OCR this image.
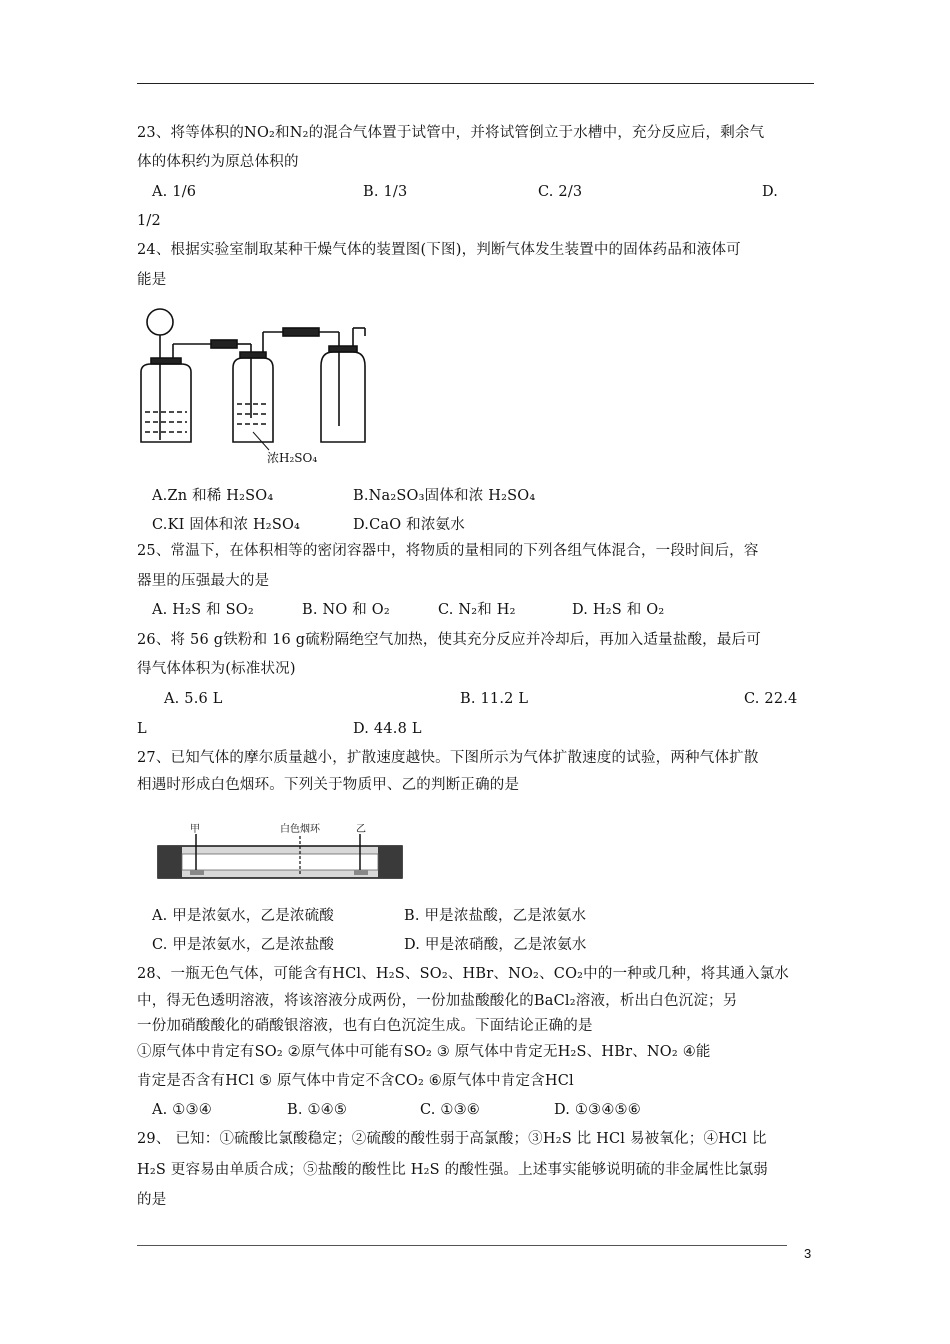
23、将等体积的NO₂和N₂的混合气体置于试管中，并将试管倒立于水槽中，充分反应后，剩余气
体的体积约为原总体积的
A. 1/6	B. 1/3	C. 2/3	D.
1/2
24、根据实验室制取某种干燥气体的装置图(下图)，判断气体发生装置中的固体药品和液体可
能是
浓H₂SO₄
A.Zn 和稀 H₂SO₄	B.Na₂SO₃固体和浓 H₂SO₄
C.KI 固体和浓 H₂SO₄	D.CaO 和浓氨水
25、常温下，在体积相等的密闭容器中，将物质的量相同的下列各组气体混合，一段时间后，容
器里的压强最大的是
A. H₂S 和 SO₂	B. NO 和 O₂	C. N₂和 H₂	D. H₂S 和 O₂
26、将 56 g铁粉和 16 g硫粉隔绝空气加热，使其充分反应并冷却后，再加入适量盐酸，最后可
得气体体积为(标准状况)
A. 5.6 L	B. 11.2 L	C. 22.4
L	D. 44.8 L
27、已知气体的摩尔质量越小，扩散速度越快。下图所示为气体扩散速度的试验，两种气体扩散
相遇时形成白色烟环。下列关于物质甲、乙的判断正确的是
甲	白色烟环	乙
A. 甲是浓氨水，乙是浓硫酸	B. 甲是浓盐酸，乙是浓氨水
C. 甲是浓氨水，乙是浓盐酸	D. 甲是浓硝酸，乙是浓氨水
28、一瓶无色气体，可能含有HCl、H₂S、SO₂、HBr、NO₂、CO₂中的一种或几种，将其通入氯水
中，得无色透明溶液，将该溶液分成两份，一份加盐酸酸化的BaCl₂溶液，析出白色沉淀；另
一份加硝酸酸化的硝酸银溶液，也有白色沉淀生成。下面结论正确的是
①原气体中肯定有SO₂ ②原气体中可能有SO₂ ③ 原气体中肯定无H₂S、HBr、NO₂ ④能
肯定是否含有HCl ⑤ 原气体中肯定不含CO₂ ⑥原气体中肯定含HCl
A. ①③④	B. ①④⑤	C. ①③⑥	D. ①③④⑤⑥
29、 已知：①硫酸比氯酸稳定；②硫酸的酸性弱于高氯酸；③H₂S 比 HCl 易被氧化；④HCl 比
H₂S 更容易由单质合成；⑤盐酸的酸性比 H₂S 的酸性强。上述事实能够说明硫的非金属性比氯弱
的是
3
